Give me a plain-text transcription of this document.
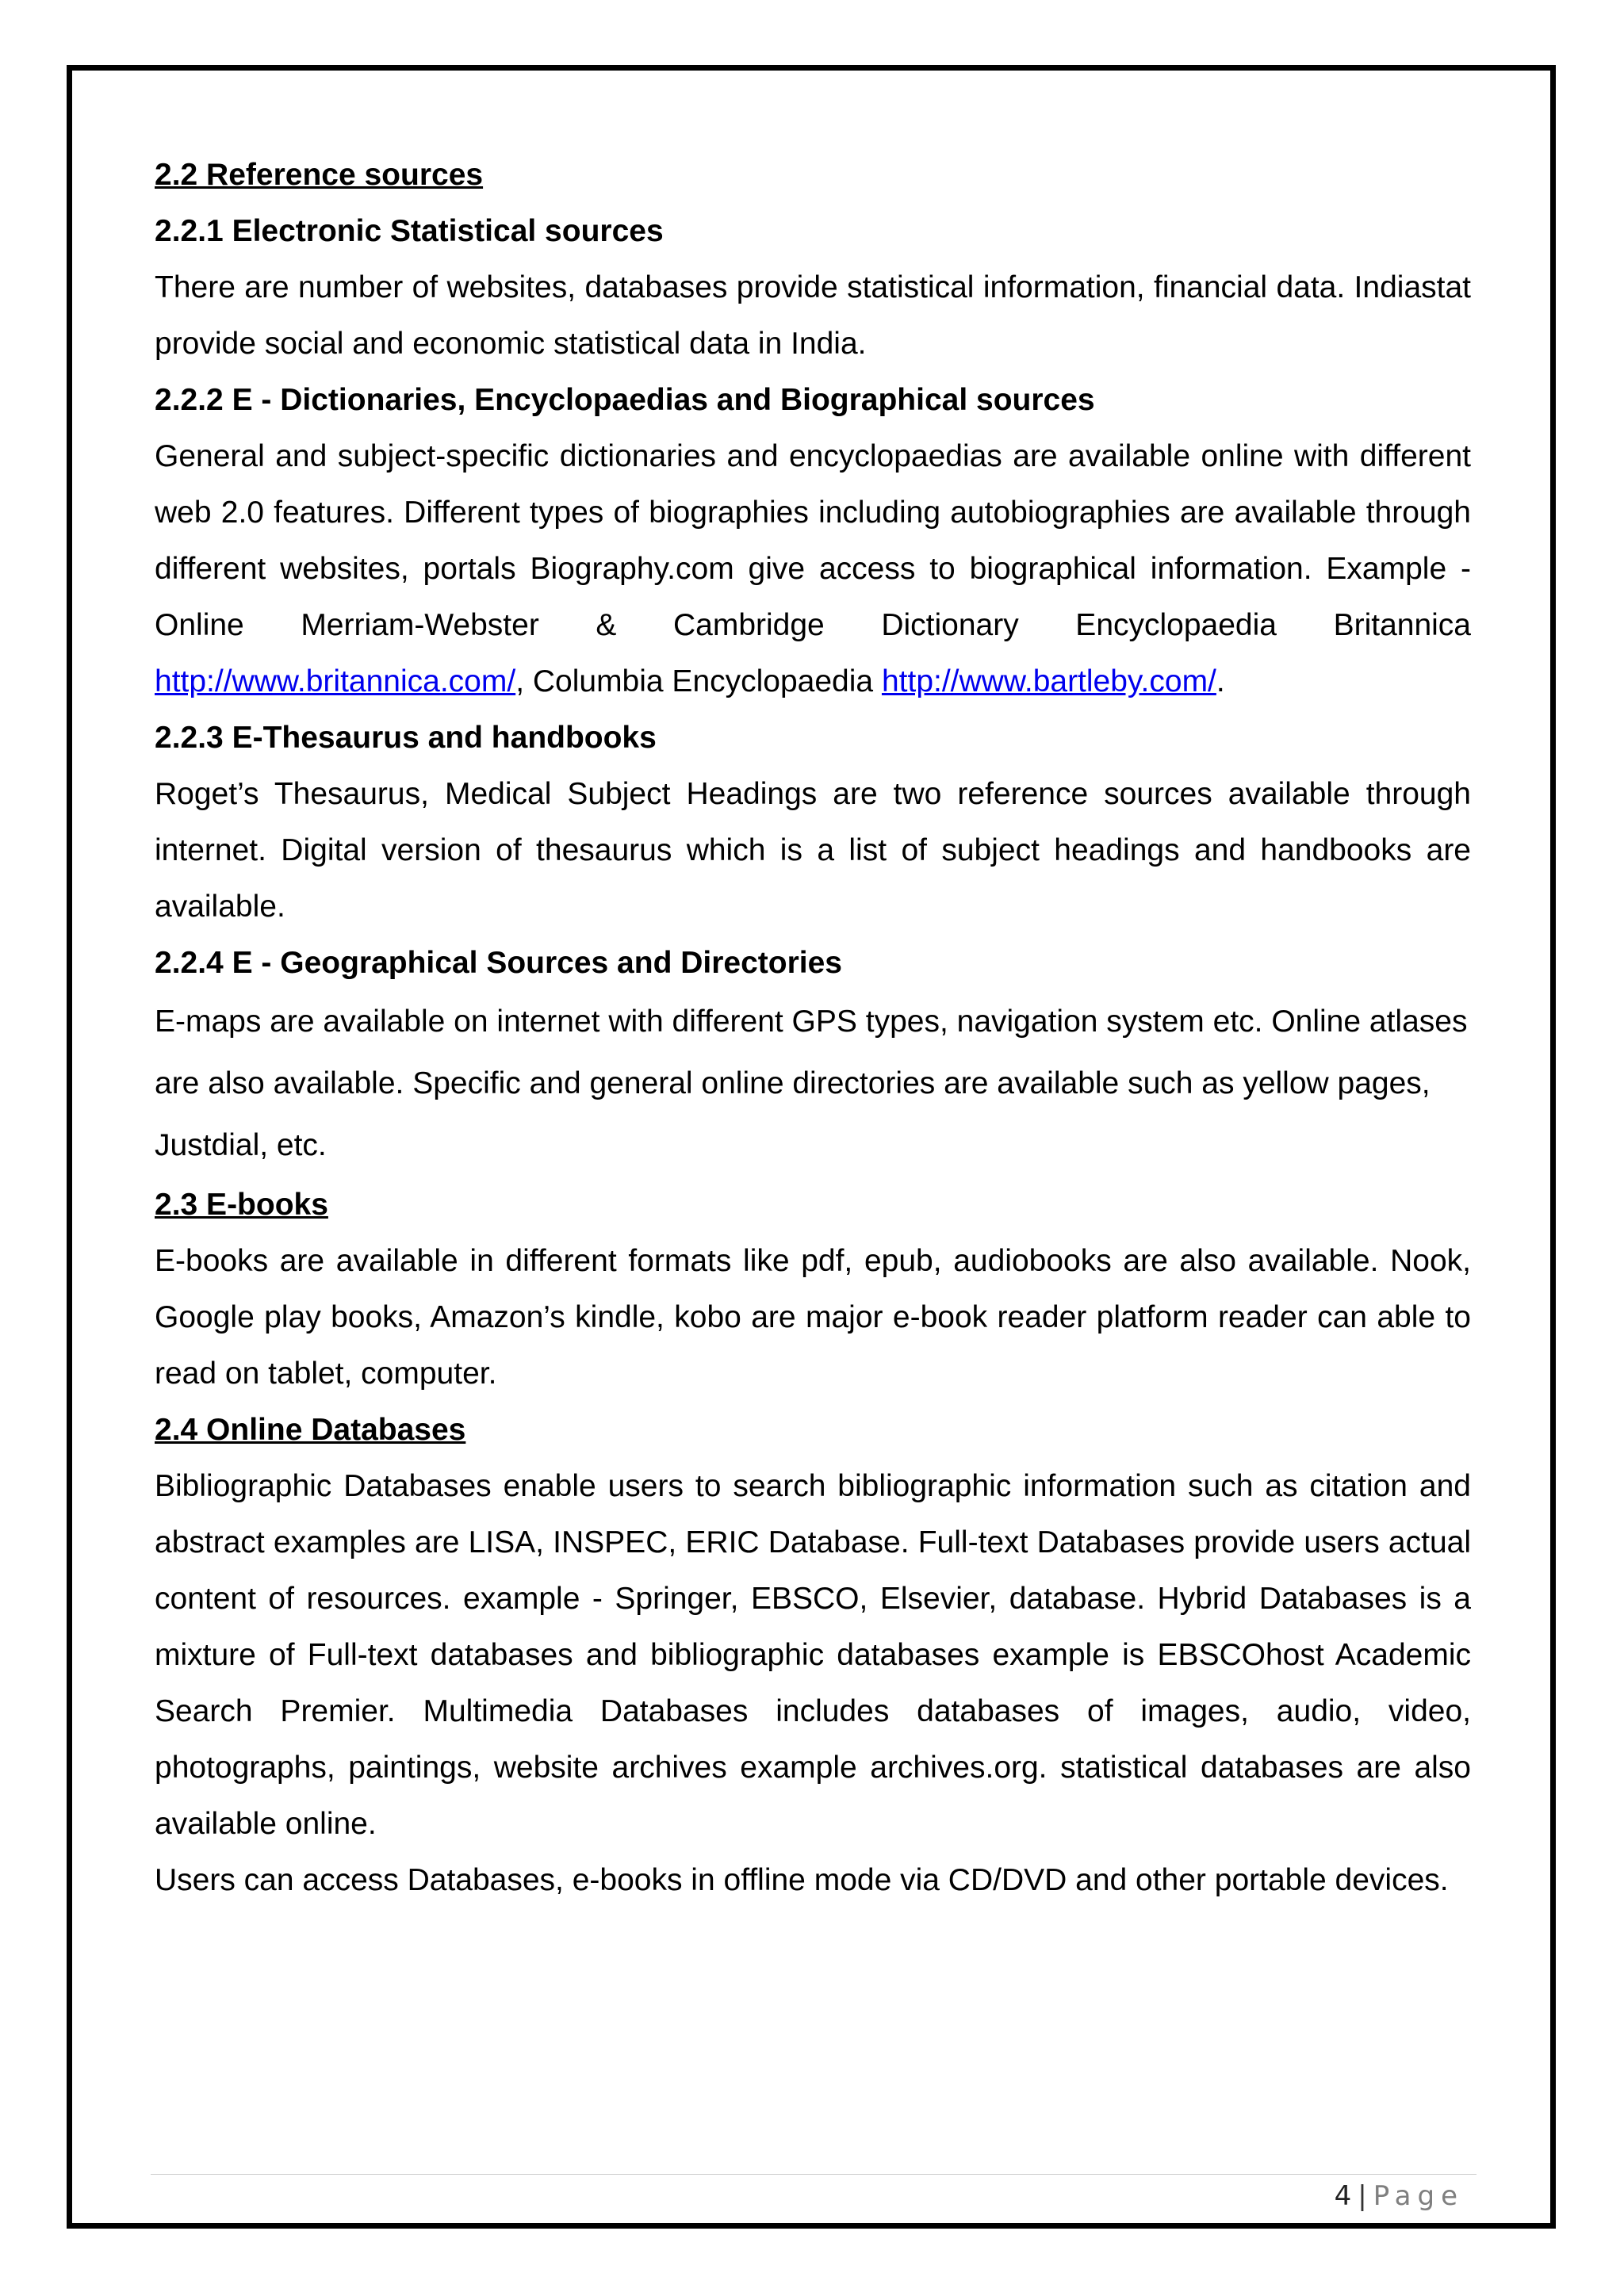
2.2 Reference sources

2.2.1 Electronic Statistical sources

There are number of websites, databases provide statistical information, financial data. Indiastat provide social and economic statistical data in India.

2.2.2 E - Dictionaries, Encyclopaedias and Biographical sources

General and subject-specific dictionaries and encyclopaedias are available online with different web 2.0 features. Different types of biographies including autobiographies are available through different websites, portals Biography.com give access to biographical information. Example - Online Merriam-Webster & Cambridge Dictionary Encyclopaedia Britannica http://www.britannica.com/, Columbia Encyclopaedia http://www.bartleby.com/.

2.2.3 E-Thesaurus and handbooks

Roget’s Thesaurus, Medical Subject Headings are two reference sources available through internet. Digital version of thesaurus which is a list of subject headings and handbooks are available.

2.2.4 E - Geographical Sources and Directories

E-maps are available on internet with different GPS types, navigation system etc. Online atlases are also available. Specific and general online directories are available such as yellow pages, Justdial, etc.

2.3 E-books

E-books are available in different formats like pdf, epub, audiobooks are also available. Nook, Google play books, Amazon’s kindle, kobo are major e-book reader platform reader can able to read on tablet, computer.

2.4 Online Databases

Bibliographic Databases enable users to search bibliographic information such as citation and abstract examples are LISA, INSPEC, ERIC Database. Full-text Databases provide users actual content of resources. example - Springer, EBSCO, Elsevier, database. Hybrid Databases is a mixture of Full-text databases and bibliographic databases example is EBSCOhost Academic Search Premier. Multimedia Databases includes databases of images, audio, video, photographs, paintings, website archives example archives.org. statistical databases are also available online.

Users can access Databases, e-books in offline mode via CD/DVD and other portable devices.

4 | Page
